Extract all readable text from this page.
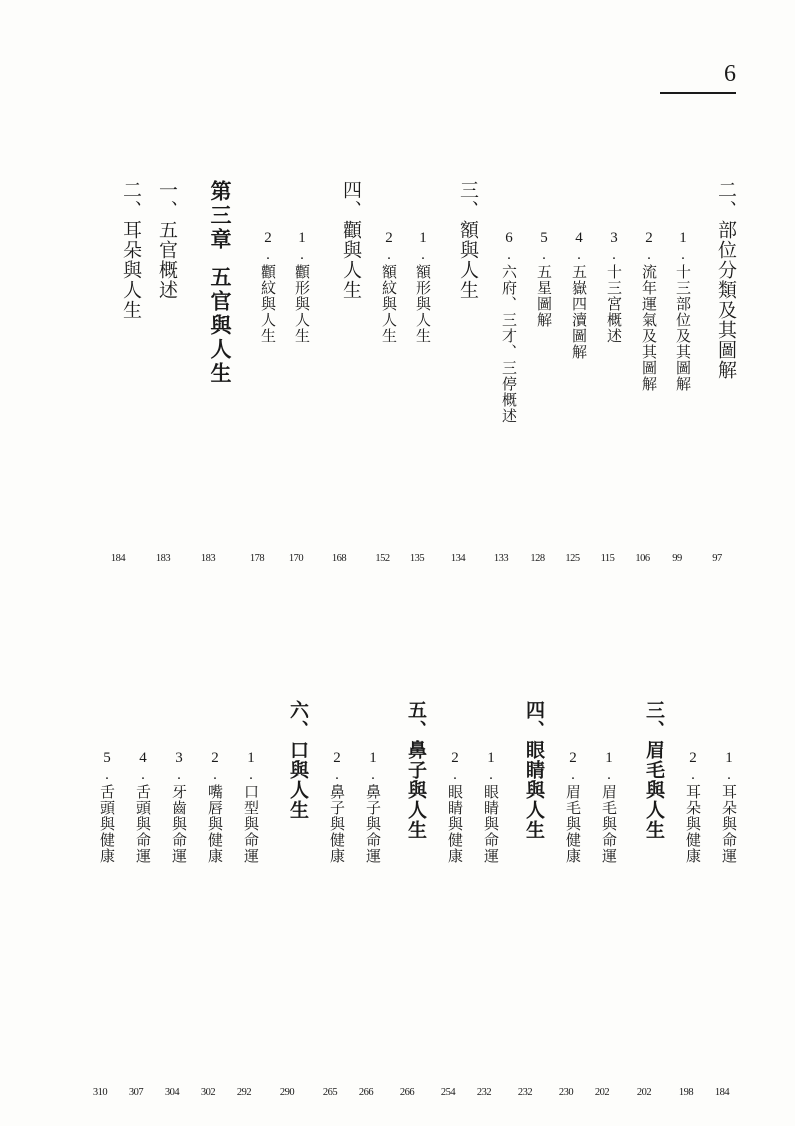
6
二、部位分類及其圖解
97
1.十三部位及其圖解
99
2.流年運氣及其圖解
106
3.十三宮概述
115
4.五嶽四瀆圖解
125
5.五星圖解
128
6.六府、三才、三停概述
133
三、額與人生
134
1.額形與人生
135
2.額紋與人生
152
四、顴與人生
168
1.顴形與人生
170
2.顴紋與人生
178
第三章五官與人生
183
一、五官概述
183
二、耳朵與人生
184
1.耳朵與命運
184
2.耳朵與健康
198
三、眉毛與人生
202
1.眉毛與命運
202
2.眉毛與健康
230
四、眼睛與人生
232
1.眼睛與命運
232
2.眼睛與健康
254
五、鼻子與人生
266
1.鼻子與命運
266
2.鼻子與健康
265
六、口與人生
290
1.口型與命運
292
2.嘴唇與健康
302
3.牙齒與命運
304
4.舌頭與命運
307
5.舌頭與健康
310
